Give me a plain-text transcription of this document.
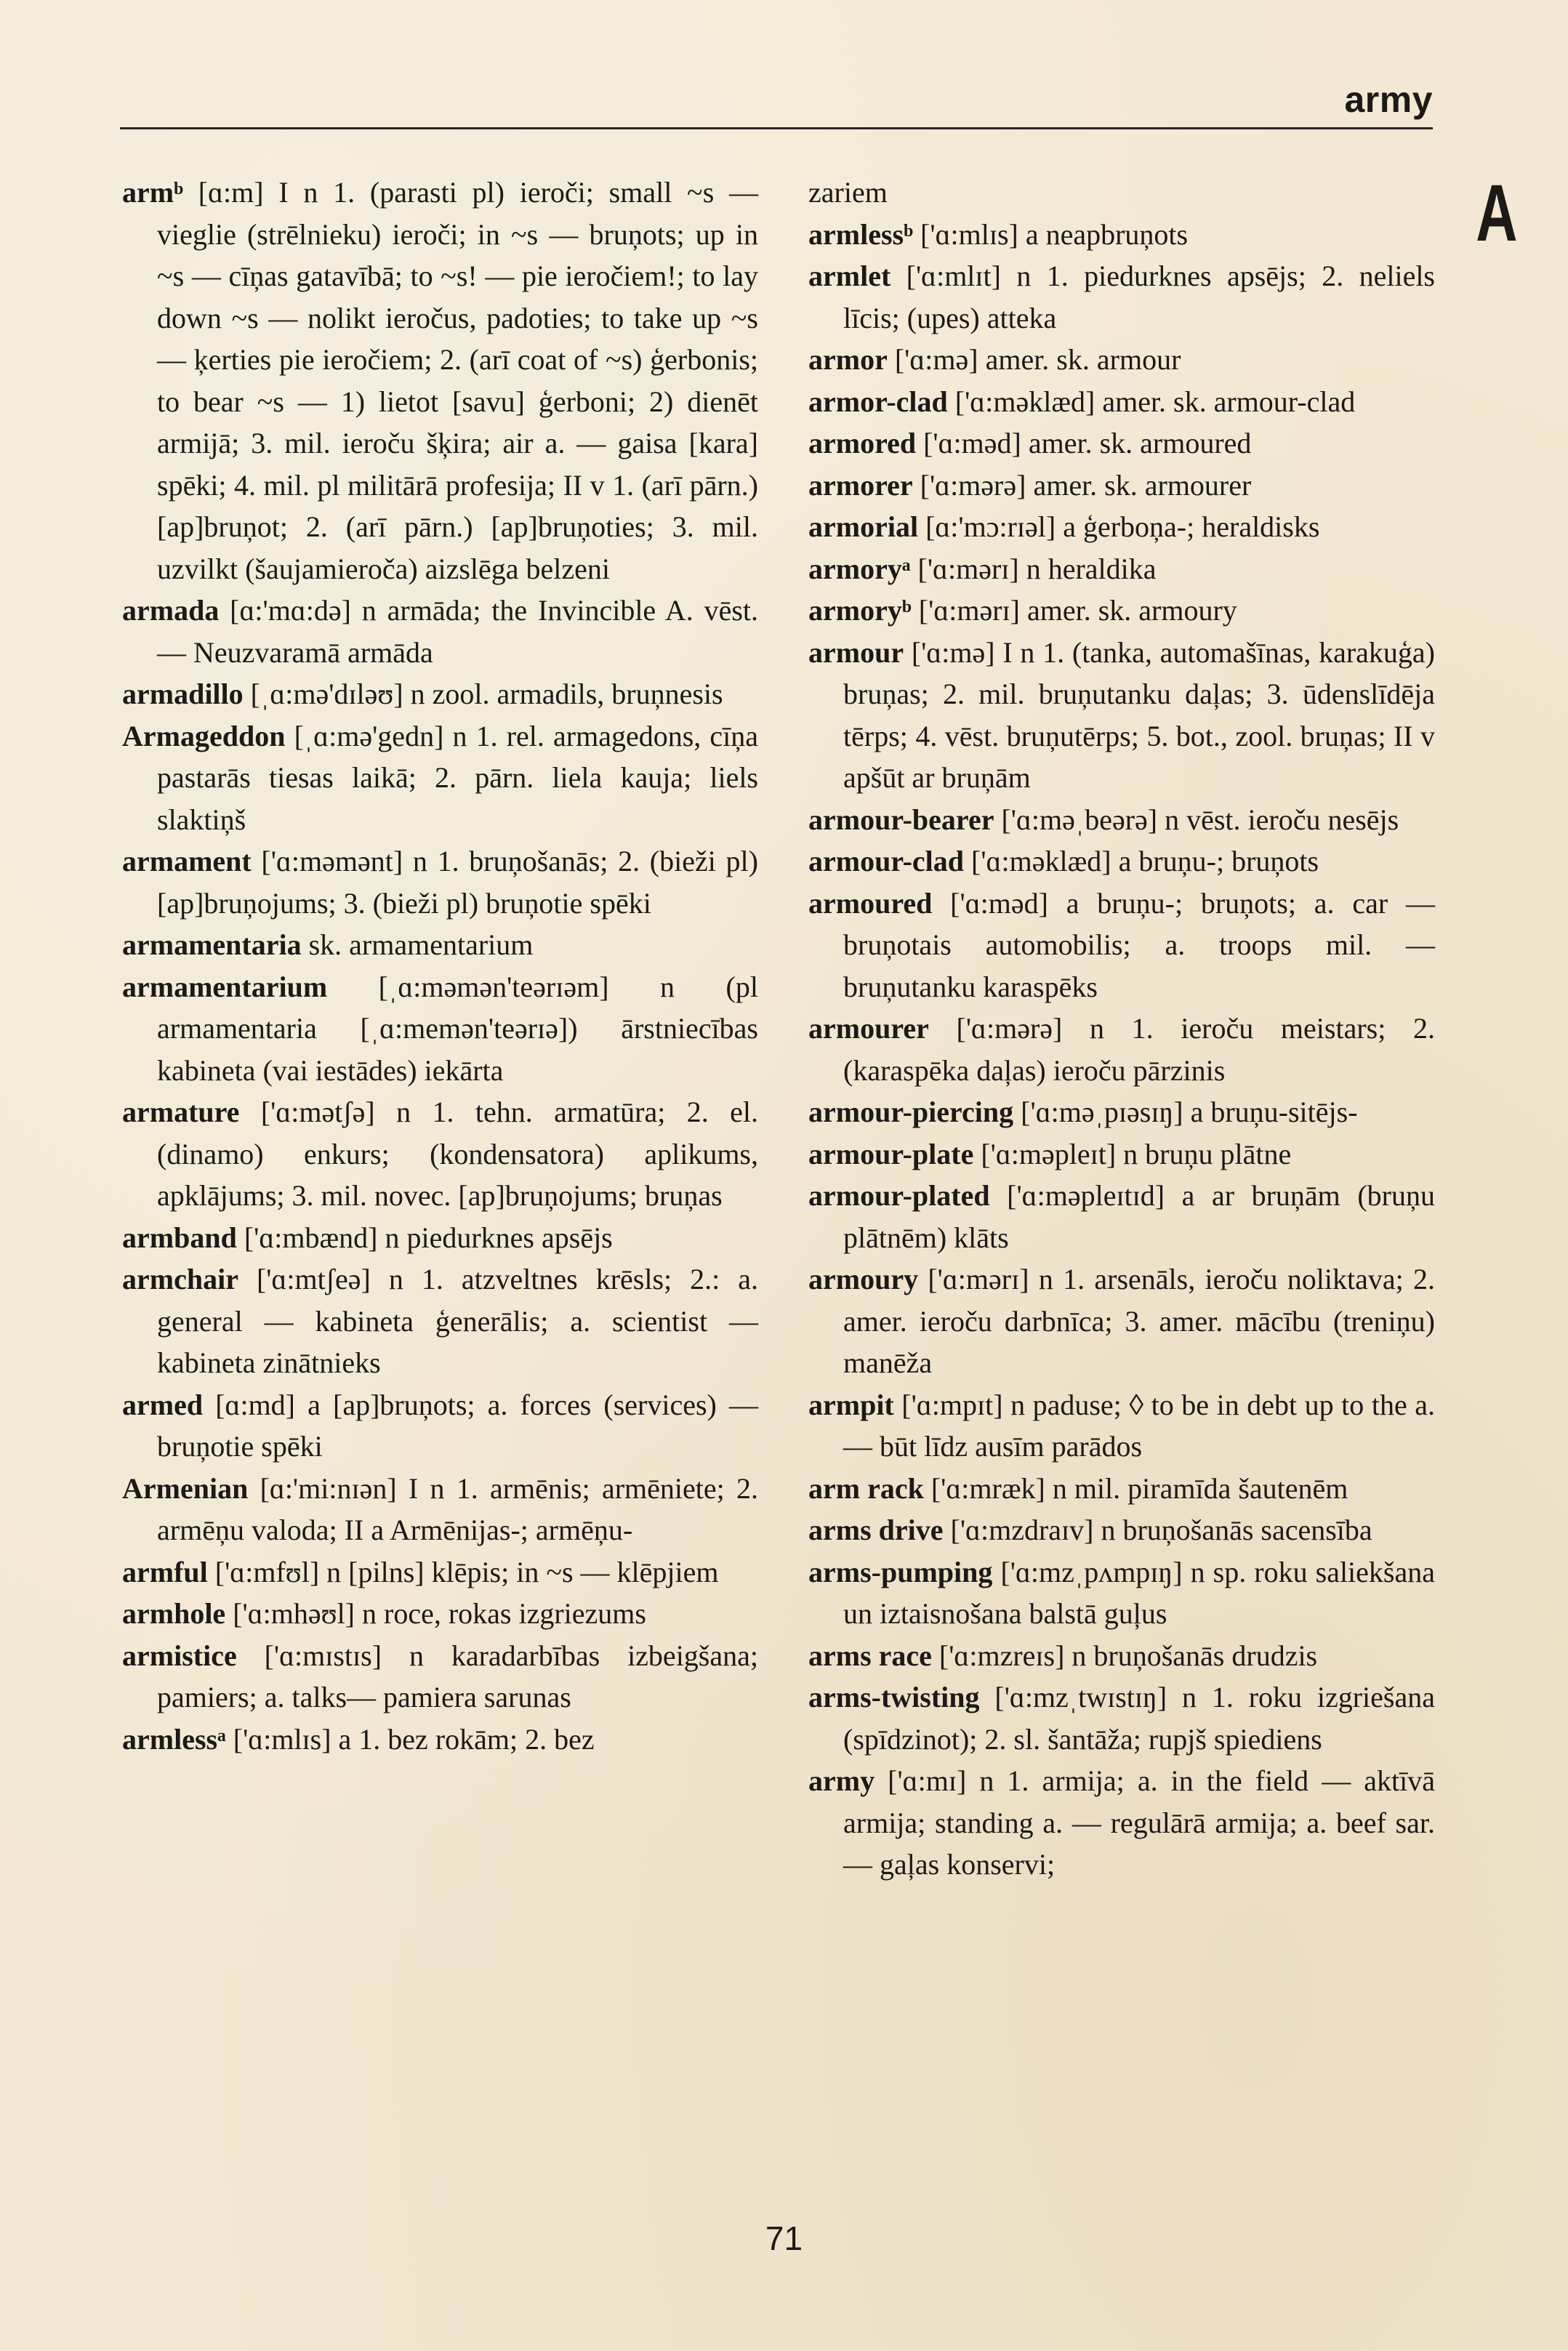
army
A

armᵇ [ɑ:m] I n 1. (parasti pl) ieroči; small ~s — vieglie (strēlnieku) ieroči; in ~s — bruņots; up in ~s — cīņas gatavībā; to ~s! — pie ieročiem!; to lay down ~s — nolikt ieročus, padoties; to take up ~s — ķerties pie ieročiem; 2. (arī coat of ~s) ģerbonis; to bear ~s — 1) lietot [savu] ģerboni; 2) dienēt armijā; 3. mil. ieroču šķira; air a. — gaisa [kara] spēki; 4. mil. pl militārā profesija; II v 1. (arī pārn.) [ap]bruņot; 2. (arī pārn.) [ap]bruņoties; 3. mil. uzvilkt (šaujamieroča) aizslēga belzeni

armada [ɑ:'mɑ:də] n armāda; the Invincible A. vēst. — Neuzvaramā armāda

armadillo [ˌɑ:mə'dɪləʊ] n zool. armadils, bruņnesis

Armageddon [ˌɑ:mə'gedn] n 1. rel. armagedons, cīņa pastarās tiesas laikā; 2. pārn. liela kauja; liels slaktiņš

armament ['ɑ:məmənt] n 1. bruņošanās; 2. (bieži pl) [ap]bruņojums; 3. (bieži pl) bruņotie spēki

armamentaria sk. armamentarium

armamentarium [ˌɑ:məmən'teərɪəm] n (pl armamentaria [ˌɑ:memən'teərɪə]) ārstniecības kabineta (vai iestādes) iekārta

armature ['ɑ:mətʃə] n 1. tehn. armatūra; 2. el. (dinamo) enkurs; (kondensatora) aplikums, apklājums; 3. mil. novec. [ap]bruņojums; bruņas

armband ['ɑ:mbænd] n piedurknes apsējs

armchair ['ɑ:mtʃeə] n 1. atzveltnes krēsls; 2.: a. general — kabineta ģenerālis; a. scientist — kabineta zinātnieks

armed [ɑ:md] a [ap]bruņots; a. forces (services) — bruņotie spēki

Armenian [ɑ:'mi:nɪən] I n 1. armēnis; armēniete; 2. armēņu valoda; II a Armēnijas-; armēņu-

armful ['ɑ:mfʊl] n [pilns] klēpis; in ~s — klēpjiem

armhole ['ɑ:mhəʊl] n roce, rokas izgriezums

armistice ['ɑ:mɪstɪs] n karadarbības izbeigšana; pamiers; a. talks— pamiera sarunas

armlessᵃ ['ɑ:mlɪs] a 1. bez rokām; 2. bez

zariem

armlessᵇ ['ɑ:mlɪs] a neapbruņots

armlet ['ɑ:mlɪt] n 1. piedurknes apsējs; 2. neliels līcis; (upes) atteka

armor ['ɑ:mə] amer. sk. armour

armor-clad ['ɑ:məklæd] amer. sk. armour-clad

armored ['ɑ:məd] amer. sk. armoured

armorer ['ɑ:mərə] amer. sk. armourer

armorial [ɑ:'mɔ:rɪəl] a ģerboņa-; heraldisks

armoryᵃ ['ɑ:mərɪ] n heraldika

armoryᵇ ['ɑ:mərɪ] amer. sk. armoury

armour ['ɑ:mə] I n 1. (tanka, automašīnas, karakuģa) bruņas; 2. mil. bruņutanku daļas; 3. ūdenslīdēja tērps; 4. vēst. bruņutērps; 5. bot., zool. bruņas; II v apšūt ar bruņām

armour-bearer ['ɑ:məˌbeərə] n vēst. ieroču nesējs

armour-clad ['ɑ:məklæd] a bruņu-; bruņots

armoured ['ɑ:məd] a bruņu-; bruņots; a. car — bruņotais automobilis; a. troops mil. — bruņutanku karaspēks

armourer ['ɑ:mərə] n 1. ieroču meistars; 2. (karaspēka daļas) ieroču pārzinis

armour-piercing ['ɑ:məˌpɪəsɪŋ] a bruņu-sitējs-

armour-plate ['ɑ:məpleɪt] n bruņu plātne

armour-plated ['ɑ:məpleɪtɪd] a ar bruņām (bruņu plātnēm) klāts

armoury ['ɑ:mərɪ] n 1. arsenāls, ieroču noliktava; 2. amer. ieroču darbnīca; 3. amer. mācību (treniņu) manēža

armpit ['ɑ:mpɪt] n paduse; ◊ to be in debt up to the a. — būt līdz ausīm parādos

arm rack ['ɑ:mræk] n mil. piramīda šautenēm

arms drive ['ɑ:mzdraɪv] n bruņošanās sacensība

arms-pumping ['ɑ:mzˌpʌmpɪŋ] n sp. roku saliekšana un iztaisnošana balstā guļus

arms race ['ɑ:mzreɪs] n bruņošanās drudzis

arms-twisting ['ɑ:mzˌtwɪstɪŋ] n 1. roku izgriešana (spīdzinot); 2. sl. šantāža; rupjš spiediens

army ['ɑ:mɪ] n 1. armija; a. in the field — aktīvā armija; standing a. — regulārā armija; a. beef sar. — gaļas konservi;

71
